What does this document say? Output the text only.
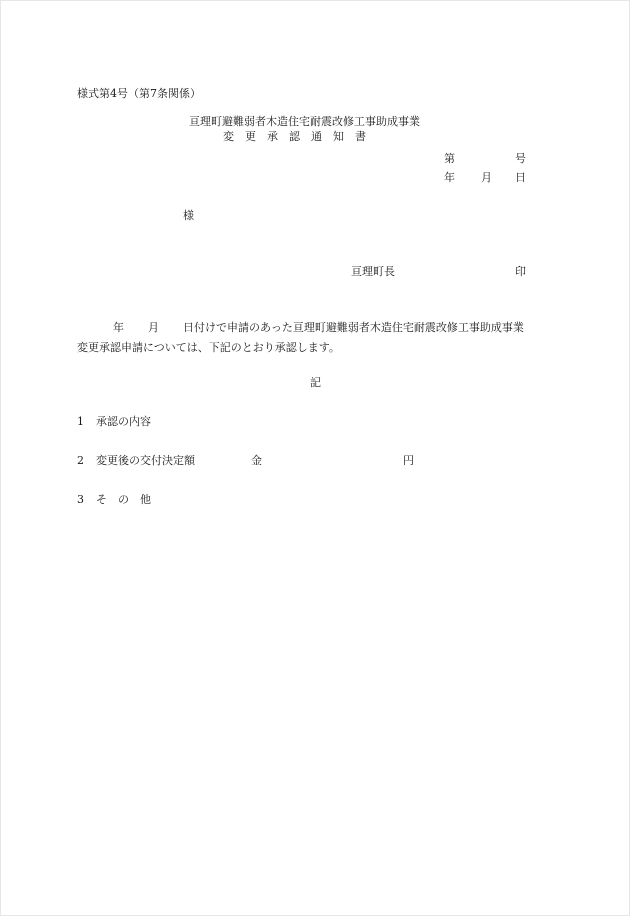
様式第4号（第7条関係）
亘理町避難弱者木造住宅耐震改修工事助成事業
変　更　承　認　通　知　書
第	号
年 月 日
様
亘理町長	印
年 月 日付けで申請のあった亘理町避難弱者木造住宅耐震改修工事助成事業
変更承認申請については、下記のとおり承認します。
記
1 承認の内容
2 変更後の交付決定額	金	円
3 そ　の　他
